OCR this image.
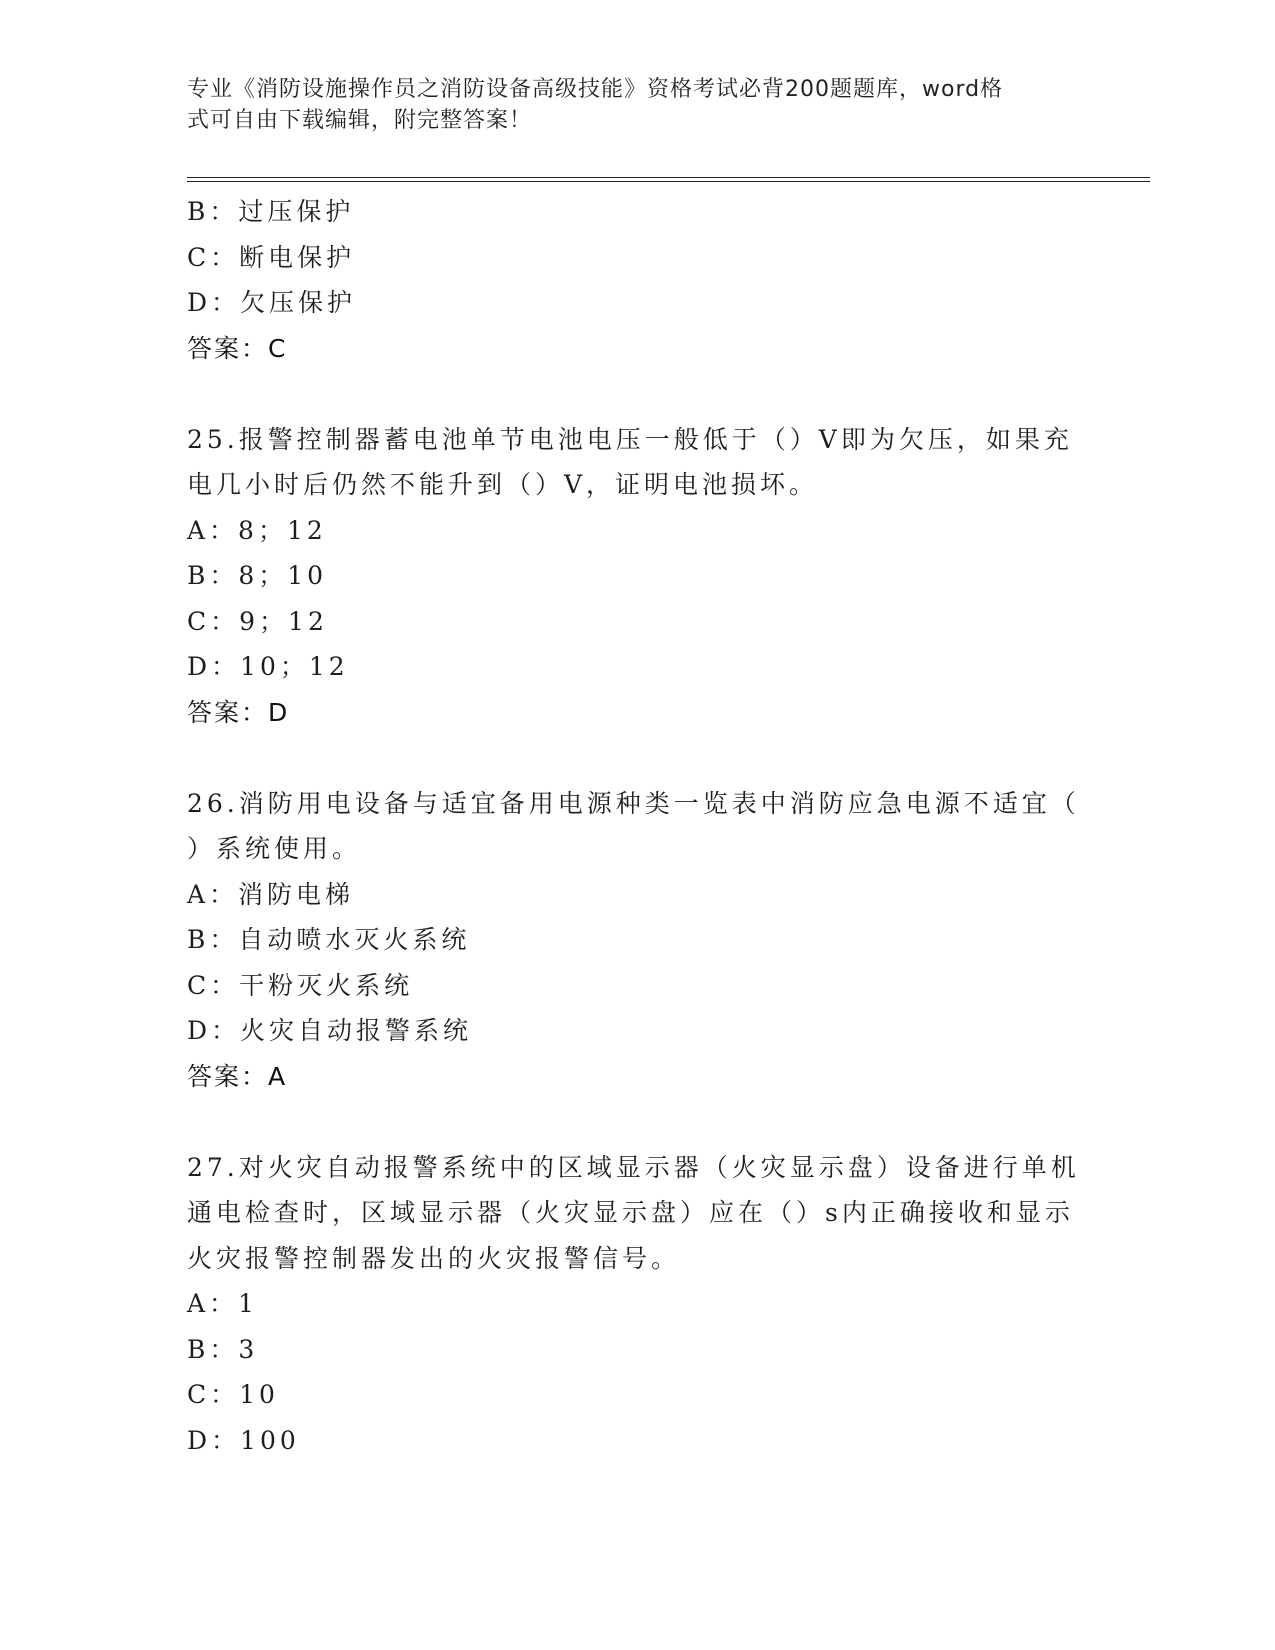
专业《消防设施操作员之消防设备高级技能》资格考试必背200题题库，word格
式可自由下载编辑，附完整答案！
B：过压保护
C：断电保护
D：欠压保护
答案：C
25.报警控制器蓄电池单节电池电压一般低于（）V即为欠压，如果充
电几小时后仍然不能升到（）V，证明电池损坏。
A：8；12
B：8；10
C：9；12
D：10；12
答案：D
26.消防用电设备与适宜备用电源种类一览表中消防应急电源不适宜（
）系统使用。
A：消防电梯
B：自动喷水灭火系统
C：干粉灭火系统
D：火灾自动报警系统
答案：A
27.对火灾自动报警系统中的区域显示器（火灾显示盘）设备进行单机
通电检查时，区域显示器（火灾显示盘）应在（）s内正确接收和显示
火灾报警控制器发出的火灾报警信号。
A：1
B：3
C：10
D：100
